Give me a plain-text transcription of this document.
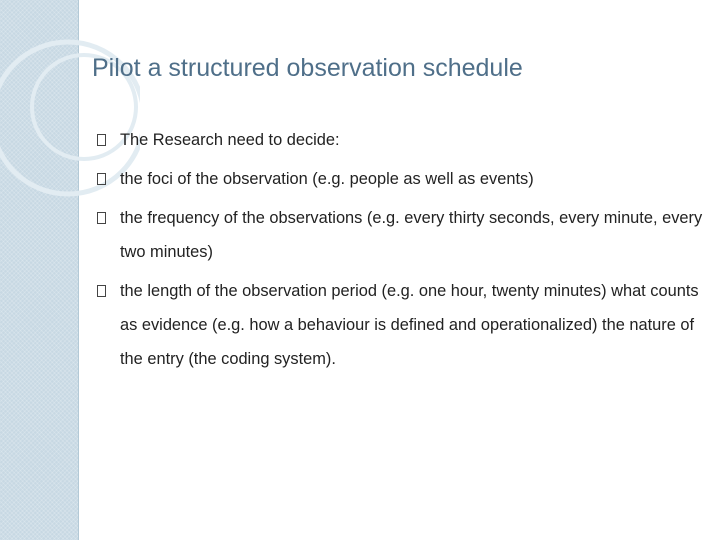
Pilot a structured observation schedule
The Research need to decide:
the foci of the observation (e.g. people as well as events)
the frequency of the observations (e.g. every thirty seconds, every minute, every two minutes)
the length of the observation period (e.g. one hour, twenty minutes) what counts as evidence (e.g. how a behaviour is defined and operationalized) the nature of the entry (the coding system).
